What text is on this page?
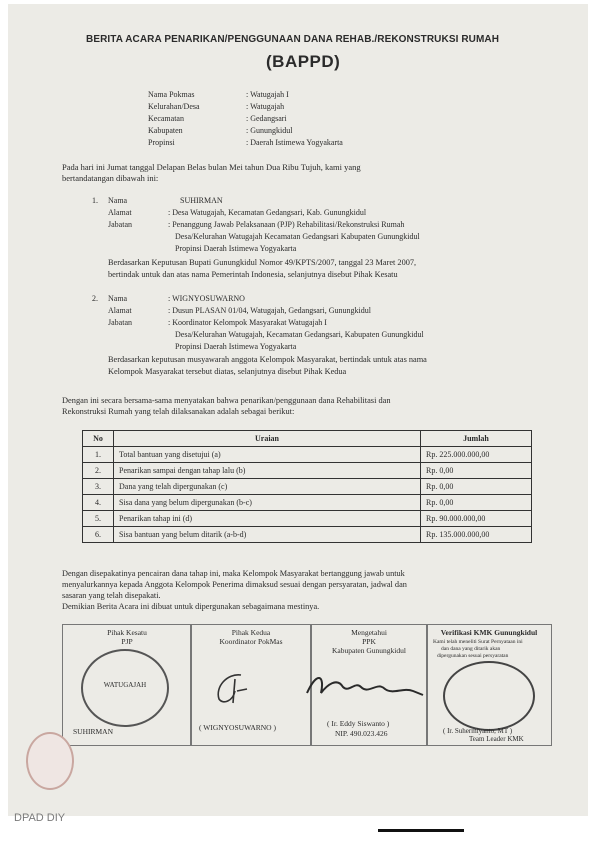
BERITA ACARA PENARIKAN/PENGGUNAAN DANA REHAB./REKONSTRUKSI RUMAH
(BAPPD)
Nama Pokmas	: Watugajah I
Kelurahan/Desa	: Watugajah
Kecamatan	: Gedangsari
Kabupaten	: Gunungkidul
Propinsi	: Daerah Istimewa Yogyakarta
Pada hari ini Jumat tanggal Delapan Belas bulan Mei tahun Dua Ribu Tujuh, kami yang
bertandatangan dibawah ini:
1. Nama	SUHIRMAN
Alamat	: Desa Watugajah, Kecamatan Gedangsari, Kab. Gunungkidul
Jabatan	: Penanggung Jawab Pelaksanaan (PJP) Rehabilitasi/Rekonstruksi Rumah
Desa/Kelurahan Watugajah Kecamatan Gedangsari Kabupaten Gunungkidul
Propinsi Daerah Istimewa Yogyakarta
Berdasarkan Keputusan Bupati Gunungkidul Nomor 49/KPTS/2007, tanggal 23 Maret 2007,
bertindak untuk dan atas nama Pemerintah Indonesia, selanjutnya disebut Pihak Kesatu
2. Nama	: WIGNYOSUWARNO
Alamat	: Dusun PLASAN 01/04, Watugajah, Gedangsari, Gunungkidul
Jabatan	: Koordinator Kelompok Masyarakat Watugajah I
Desa/Kelurahan Watugajah, Kecamatan Gedangsari, Kabupaten Gunungkidul
Propinsi Daerah Istimewa Yogyakarta
Berdasarkan keputusan musyawarah anggota Kelompok Masyarakat, bertindak untuk atas nama
Kelompok Masyarakat tersebut diatas, selanjutnya disebut Pihak Kedua
Dengan ini secara bersama-sama menyatakan bahwa penarikan/penggunaan dana Rehabilitasi dan
Rekonstruksi Rumah yang telah dilaksanakan adalah sebagai berikut:
No	Uraian	Jumlah
1.	Total bantuan yang disetujui (a)	Rp. 225.000.000,00
2.	Penarikan sampai dengan tahap lalu (b)	Rp. 0,00
3.	Dana yang telah dipergunakan (c)	Rp. 0,00
4.	Sisa dana yang belum dipergunakan (b-c)	Rp. 0,00
5.	Penarikan tahap ini (d)	Rp. 90.000.000,00
6.	Sisa bantuan yang belum ditarik (a-b-d)	Rp. 135.000.000,00
Dengan disepakatinya pencairan dana tahap ini, maka Kelompok Masyarakat bertanggung jawab untuk
menyalurkannya kepada Anggota Kelompok Penerima dimaksud sesuai dengan persyaratan, jadwal dan
sasaran yang telah disepakati.
Demikian Berita Acara ini dibuat untuk dipergunakan sebagaimana mestinya.
Pihak Kesatu
PJP
WATUGAJAH
SUHIRMAN
Pihak Kedua
Koordinator PokMas
( WIGNYOSUWARNO )
Mengetahui
PPK
Kabupaten Gunungkidul
( Ir. Eddy Siswanto )
NIP. 490.023.426
Verifikasi KMK Gunungkidul
Kami telah meneliti Surat Pernyataan ini
dan dana yang ditarik akan
dipergunakan sesuai persyaratan
( Ir. Suhermiyanto, MT )
Team Leader KMK
DPAD DIY
